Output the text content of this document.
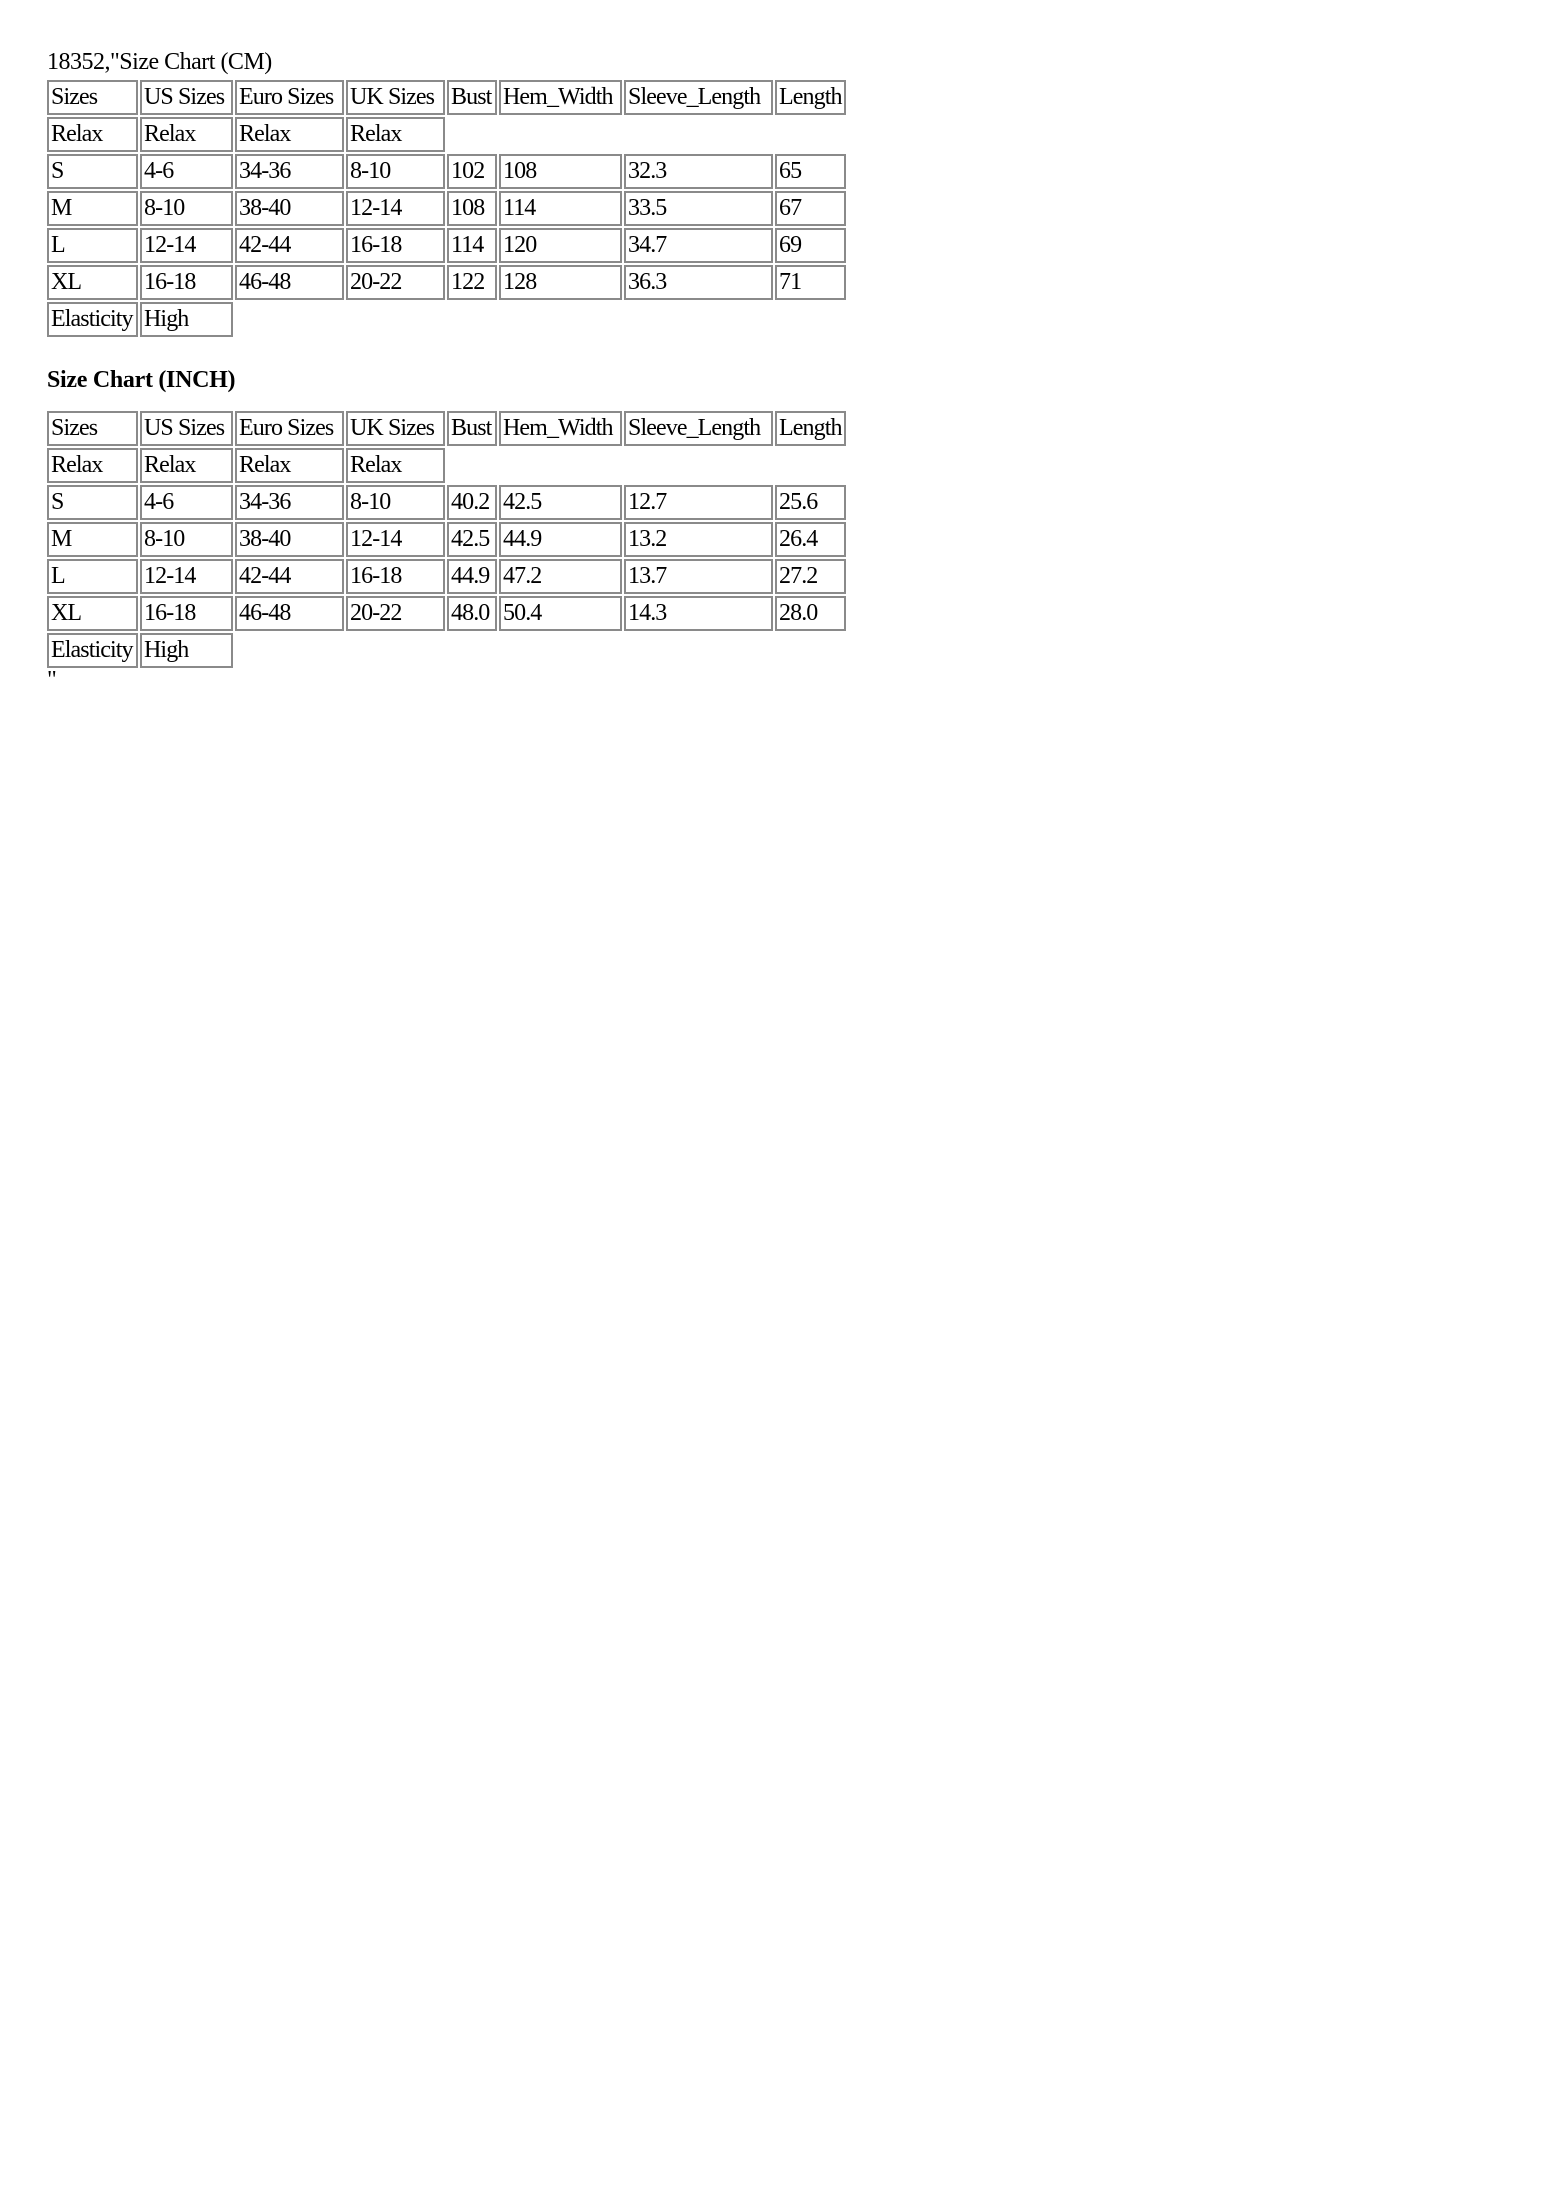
18352,"Size Chart (CM)
Sizes	US Sizes	Euro Sizes	UK Sizes	Bust	Hem_Width	Sleeve_Length	Length
Relax	Relax	Relax	Relax				
S	4-6	34-36	8-10	102	108	32.3	65
M	8-10	38-40	12-14	108	114	33.5	67
L	12-14	42-44	16-18	114	120	34.7	69
XL	16-18	46-48	20-22	122	128	36.3	71
Elasticity	High						
Size Chart (INCH)
Sizes	US Sizes	Euro Sizes	UK Sizes	Bust	Hem_Width	Sleeve_Length	Length
Relax	Relax	Relax	Relax				
S	4-6	34-36	8-10	40.2	42.5	12.7	25.6
M	8-10	38-40	12-14	42.5	44.9	13.2	26.4
L	12-14	42-44	16-18	44.9	47.2	13.7	27.2
XL	16-18	46-48	20-22	48.0	50.4	14.3	28.0
Elasticity	High						
"
